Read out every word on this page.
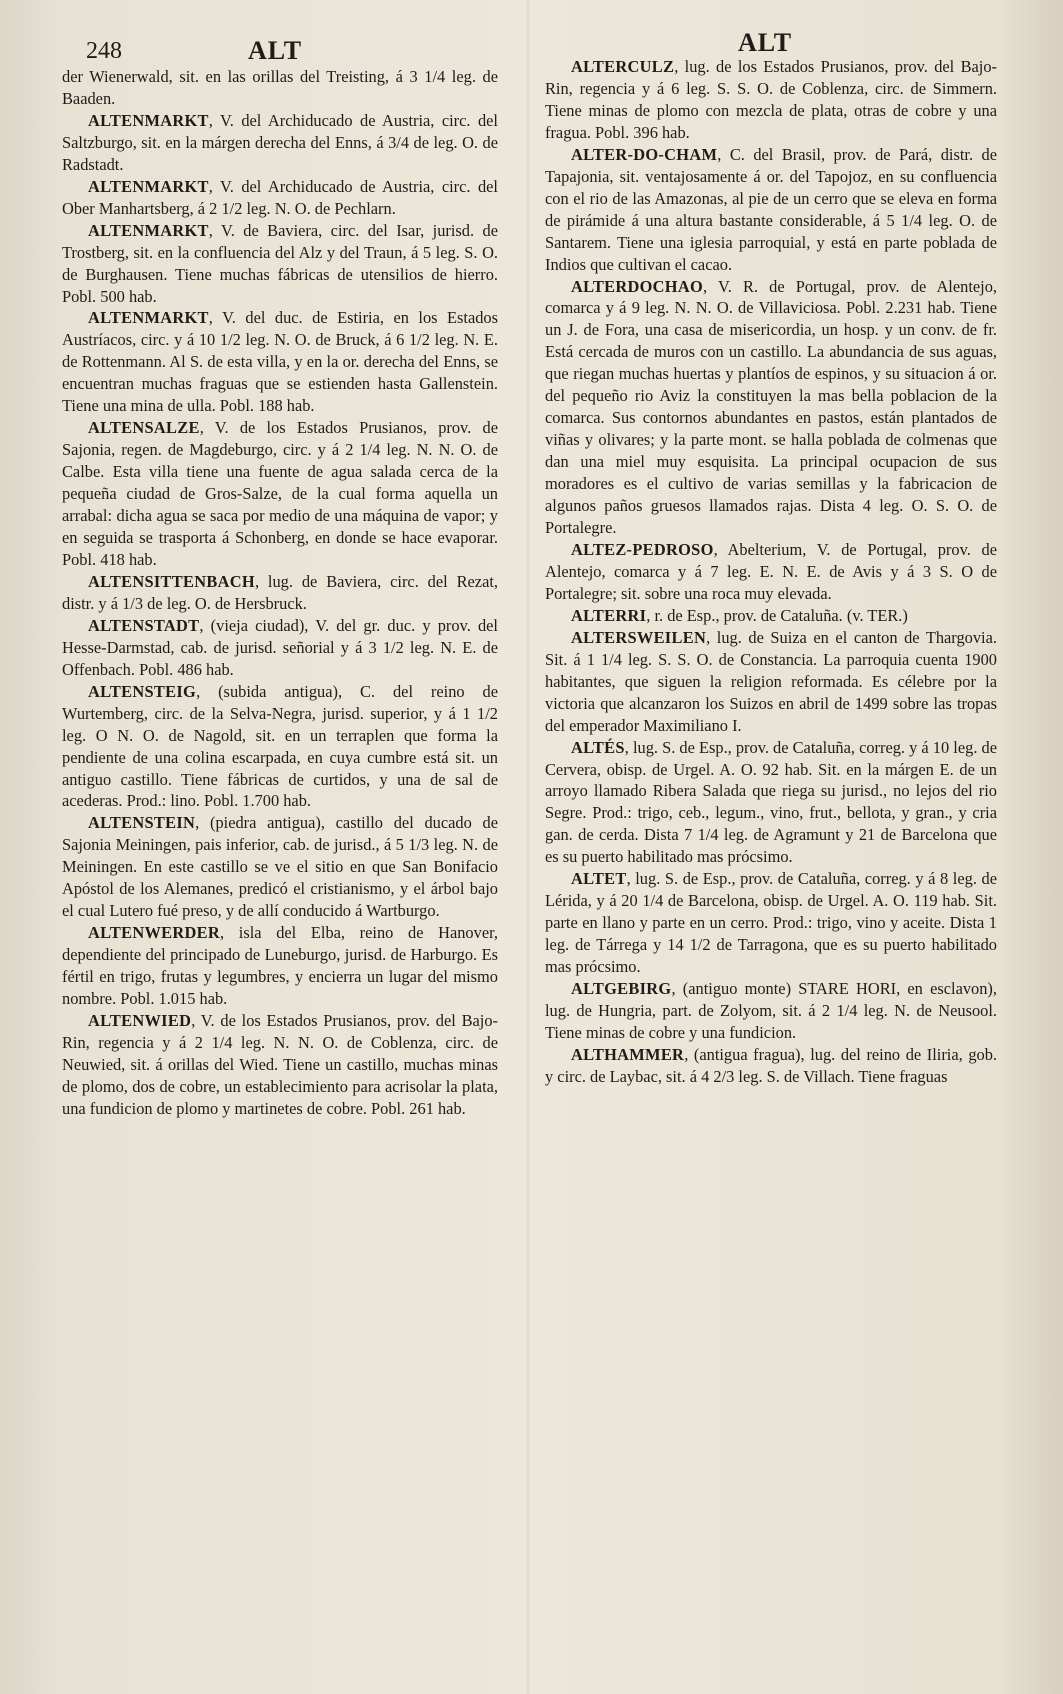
248	ALT	ALT

der Wienerwald, sit. en las orillas del Treisting, á 3 1/4 leg. de Baaden.

ALTENMARKT, V. del Archiducado de Austria, circ. del Saltzburgo, sit. en la márgen derecha del Enns, á 3/4 de leg. O. de Radstadt.

ALTENMARKT, V. del Archiducado de Austria, circ. del Ober Manhartsberg, á 2 1/2 leg. N. O. de Pechlarn.

ALTENMARKT, V. de Baviera, circ. del Isar, jurisd. de Trostberg, sit. en la confluencia del Alz y del Traun, á 5 leg. S. O. de Burghausen. Tiene muchas fábricas de utensilios de hierro. Pobl. 500 hab.

ALTENMARKT, V. del duc. de Estiria, en los Estados Austríacos, circ. y á 10 1/2 leg. N. O. de Bruck, á 6 1/2 leg. N. E. de Rottenmann. Al S. de esta villa, y en la or. derecha del Enns, se encuentran muchas fraguas que se estienden hasta Gallenstein. Tiene una mina de ulla. Pobl. 188 hab.

ALTENSALZE, V. de los Estados Prusianos, prov. de Sajonia, regen. de Magdeburgo, circ. y á 2 1/4 leg. N. N. O. de Calbe. Esta villa tiene una fuente de agua salada cerca de la pequeña ciudad de Gros-Salze, de la cual forma aquella un arrabal: dicha agua se saca por medio de una máquina de vapor; y en seguida se trasporta á Schonberg, en donde se hace evaporar. Pobl. 418 hab.

ALTENSITTENBACH, lug. de Baviera, circ. del Rezat, distr. y á 1/3 de leg. O. de Hersbruck.

ALTENSTADT, (vieja ciudad), V. del gr. duc. y prov. del Hesse-Darmstad, cab. de jurisd. señorial y á 3 1/2 leg. N. E. de Offenbach. Pobl. 486 hab.

ALTENSTEIG, (subida antigua), C. del reino de Wurtemberg, circ. de la Selva-Negra, jurisd. superior, y á 1 1/2 leg. O N. O. de Nagold, sit. en un terraplen que forma la pendiente de una colina escarpada, en cuya cumbre está sit. un antiguo castillo. Tiene fábricas de curtidos, y una de sal de acederas. Prod.: lino. Pobl. 1.700 hab.

ALTENSTEIN, (piedra antigua), castillo del ducado de Sajonia Meiningen, pais inferior, cab. de jurisd., á 5 1/3 leg. N. de Meiningen. En este castillo se ve el sitio en que San Bonifacio Apóstol de los Alemanes, predicó el cristianismo, y el árbol bajo el cual Lutero fué preso, y de allí conducido á Wartburgo.

ALTENWERDER, isla del Elba, reino de Hanover, dependiente del principado de Luneburgo, jurisd. de Harburgo. Es fértil en trigo, frutas y legumbres, y encierra un lugar del mismo nombre. Pobl. 1.015 hab.

ALTENWIED, V. de los Estados Prusianos, prov. del Bajo-Rin, regencia y á 2 1/4 leg. N. N. O. de Coblenza, circ. de Neuwied, sit. á orillas del Wied. Tiene un castillo, muchas minas de plomo, dos de cobre, un establecimiento para acrisolar la plata, una fundicion de plomo y martinetes de cobre. Pobl. 261 hab.

ALTERCULZ, lug. de los Estados Prusianos, prov. del Bajo-Rin, regencia y á 6 leg. S. S. O. de Coblenza, circ. de Simmern. Tiene minas de plomo con mezcla de plata, otras de cobre y una fragua. Pobl. 396 hab.

ALTER-DO-CHAM, C. del Brasil, prov. de Pará, distr. de Tapajonia, sit. ventajosamente á or. del Tapojoz, en su confluencia con el rio de las Amazonas, al pie de un cerro que se eleva en forma de pirámide á una altura bastante considerable, á 5 1/4 leg. O. de Santarem. Tiene una iglesia parroquial, y está en parte poblada de Indios que cultivan el cacao.

ALTERDOCHAO, V. R. de Portugal, prov. de Alentejo, comarca y á 9 leg. N. N. O. de Villaviciosa. Pobl. 2.231 hab. Tiene un J. de Fora, una casa de misericordia, un hosp. y un conv. de fr. Está cercada de muros con un castillo. La abundancia de sus aguas, que riegan muchas huertas y plantíos de espinos, y su situacion á or. del pequeño rio Aviz la constituyen la mas bella poblacion de la comarca. Sus contornos abundantes en pastos, están plantados de viñas y olivares; y la parte mont. se halla poblada de colmenas que dan una miel muy esquisita. La principal ocupacion de sus moradores es el cultivo de varias semillas y la fabricacion de algunos paños gruesos llamados rajas. Dista 4 leg. O. S. O. de Portalegre.

ALTEZ-PEDROSO, Abelterium, V. de Portugal, prov. de Alentejo, comarca y á 7 leg. E. N. E. de Avis y á 3 S. O de Portalegre; sit. sobre una roca muy elevada.

ALTERRI, r. de Esp., prov. de Cataluña. (v. TER.)

ALTERSWEILEN, lug. de Suiza en el canton de Thargovia. Sit. á 1 1/4 leg. S. S. O. de Constancia. La parroquia cuenta 1900 habitantes, que siguen la religion reformada. Es célebre por la victoria que alcanzaron los Suizos en abril de 1499 sobre las tropas del emperador Maximiliano I.

ALTÉS, lug. S. de Esp., prov. de Cataluña, correg. y á 10 leg. de Cervera, obisp. de Urgel. A. O. 92 hab. Sit. en la márgen E. de un arroyo llamado Ribera Salada que riega su jurisd., no lejos del rio Segre. Prod.: trigo, ceb., legum., vino, frut., bellota, y gran., y cria gan. de cerda. Dista 7 1/4 leg. de Agramunt y 21 de Barcelona que es su puerto habilitado mas prócsimo.

ALTET, lug. S. de Esp., prov. de Cataluña, correg. y á 8 leg. de Lérida, y á 20 1/4 de Barcelona, obisp. de Urgel. A. O. 119 hab. Sit. parte en llano y parte en un cerro. Prod.: trigo, vino y aceite. Dista 1 leg. de Tárrega y 14 1/2 de Tarragona, que es su puerto habilitado mas prócsimo.

ALTGEBIRG, (antiguo monte) STARE HORI, en esclavon), lug. de Hungria, part. de Zolyom, sit. á 2 1/4 leg. N. de Neusool. Tiene minas de cobre y una fundicion.

ALTHAMMER, (antigua fragua), lug. del reino de Iliria, gob. y circ. de Laybac, sit. á 4 2/3 leg. S. de Villach. Tiene fraguas
